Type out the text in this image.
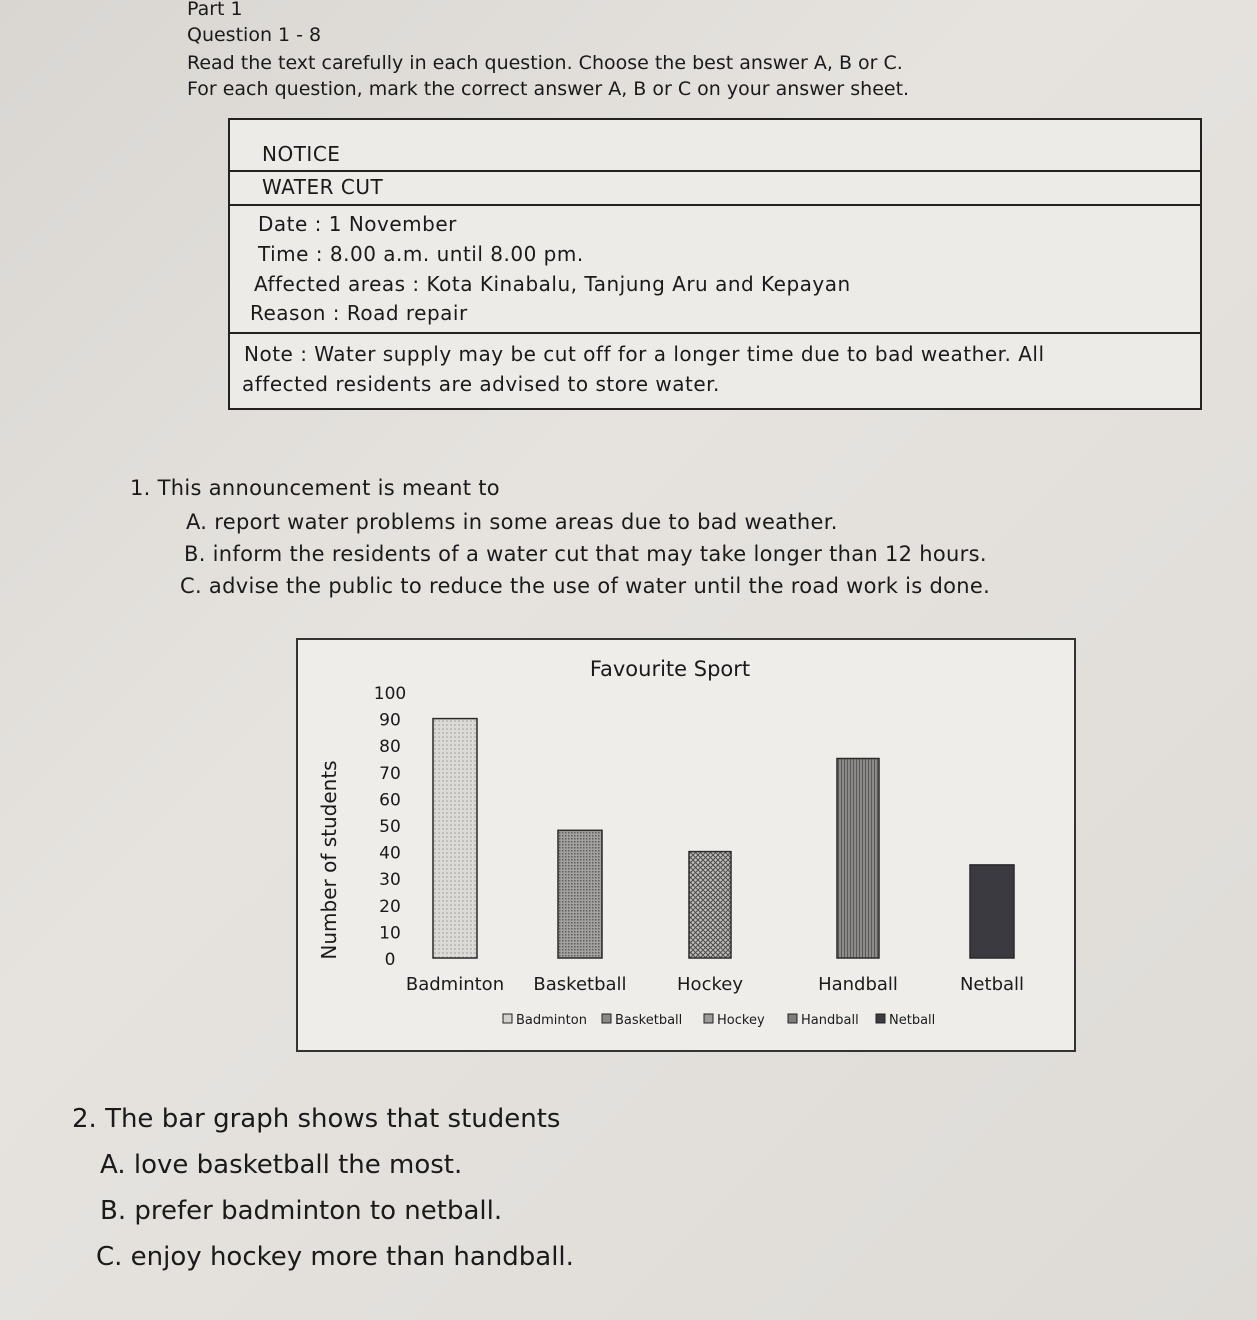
Part 1
Question 1 - 8
Read the text carefully in each question. Choose the best answer A, B or C.
For each question, mark the correct answer A, B or C on your answer sheet.
NOTICE
WATER CUT
Date : 1 November
Time : 8.00 a.m. until 8.00 pm.
Affected areas : Kota Kinabalu, Tanjung Aru and Kepayan
Reason : Road repair
Note : Water supply may be cut off for a longer time due to bad weather. All
affected residents are advised to store water.
1. This announcement is meant to
A. report water problems in some areas due to bad weather.
B. inform the residents of a water cut that may take longer than 12 hours.
C. advise the public to reduce the use of water until the road work is done.
Favourite Sport
Number of students
100
90
80
70
60
50
40
30
20
10
0
Badminton Basketball	Hockey	Handball	Netball
Badminton Basketball	Hockey	Handball Netball
2. The bar graph shows that students
A. love basketball the most.
B. prefer badminton to netball.
C. enjoy hockey more than handball.
